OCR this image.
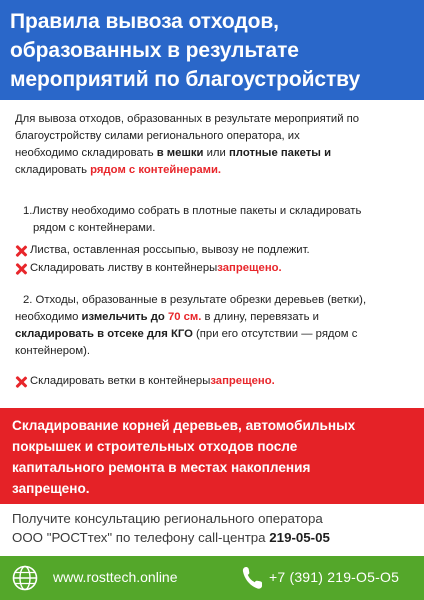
Правила вывоза отходов,
образованных в результате
мероприятий по благоустройству
Для вывоза отходов, образованных в результате мероприятий по
благоустройству силами регионального оператора, их
необходимо складировать в мешки или плотные пакеты и
складировать рядом с контейнерами.
1.Листву необходимо собрать в плотные пакеты и складировать
рядом с контейнерами.
Листва, оставленная россыпью, вывозу не подлежит.
Складировать листву в контейнеры запрещено.
2. Отходы, образованные в результате обрезки деревьев (ветки),
необходимо измельчить до 70 см. в длину, перевязать и
складировать в отсеке для КГО (при его отсутствии — рядом с
контейнером).
Складировать ветки в контейнеры запрещено.
Складирование корней деревьев, автомобильных
покрышек и строительных отходов после
капитального ремонта в местах накопления
запрещено.
Получите консультацию регионального оператора
ООО "РОСТтех" по телефону call-центра 219-05-05
www.rosttech.online	+7 (391) 219-О5-О5
